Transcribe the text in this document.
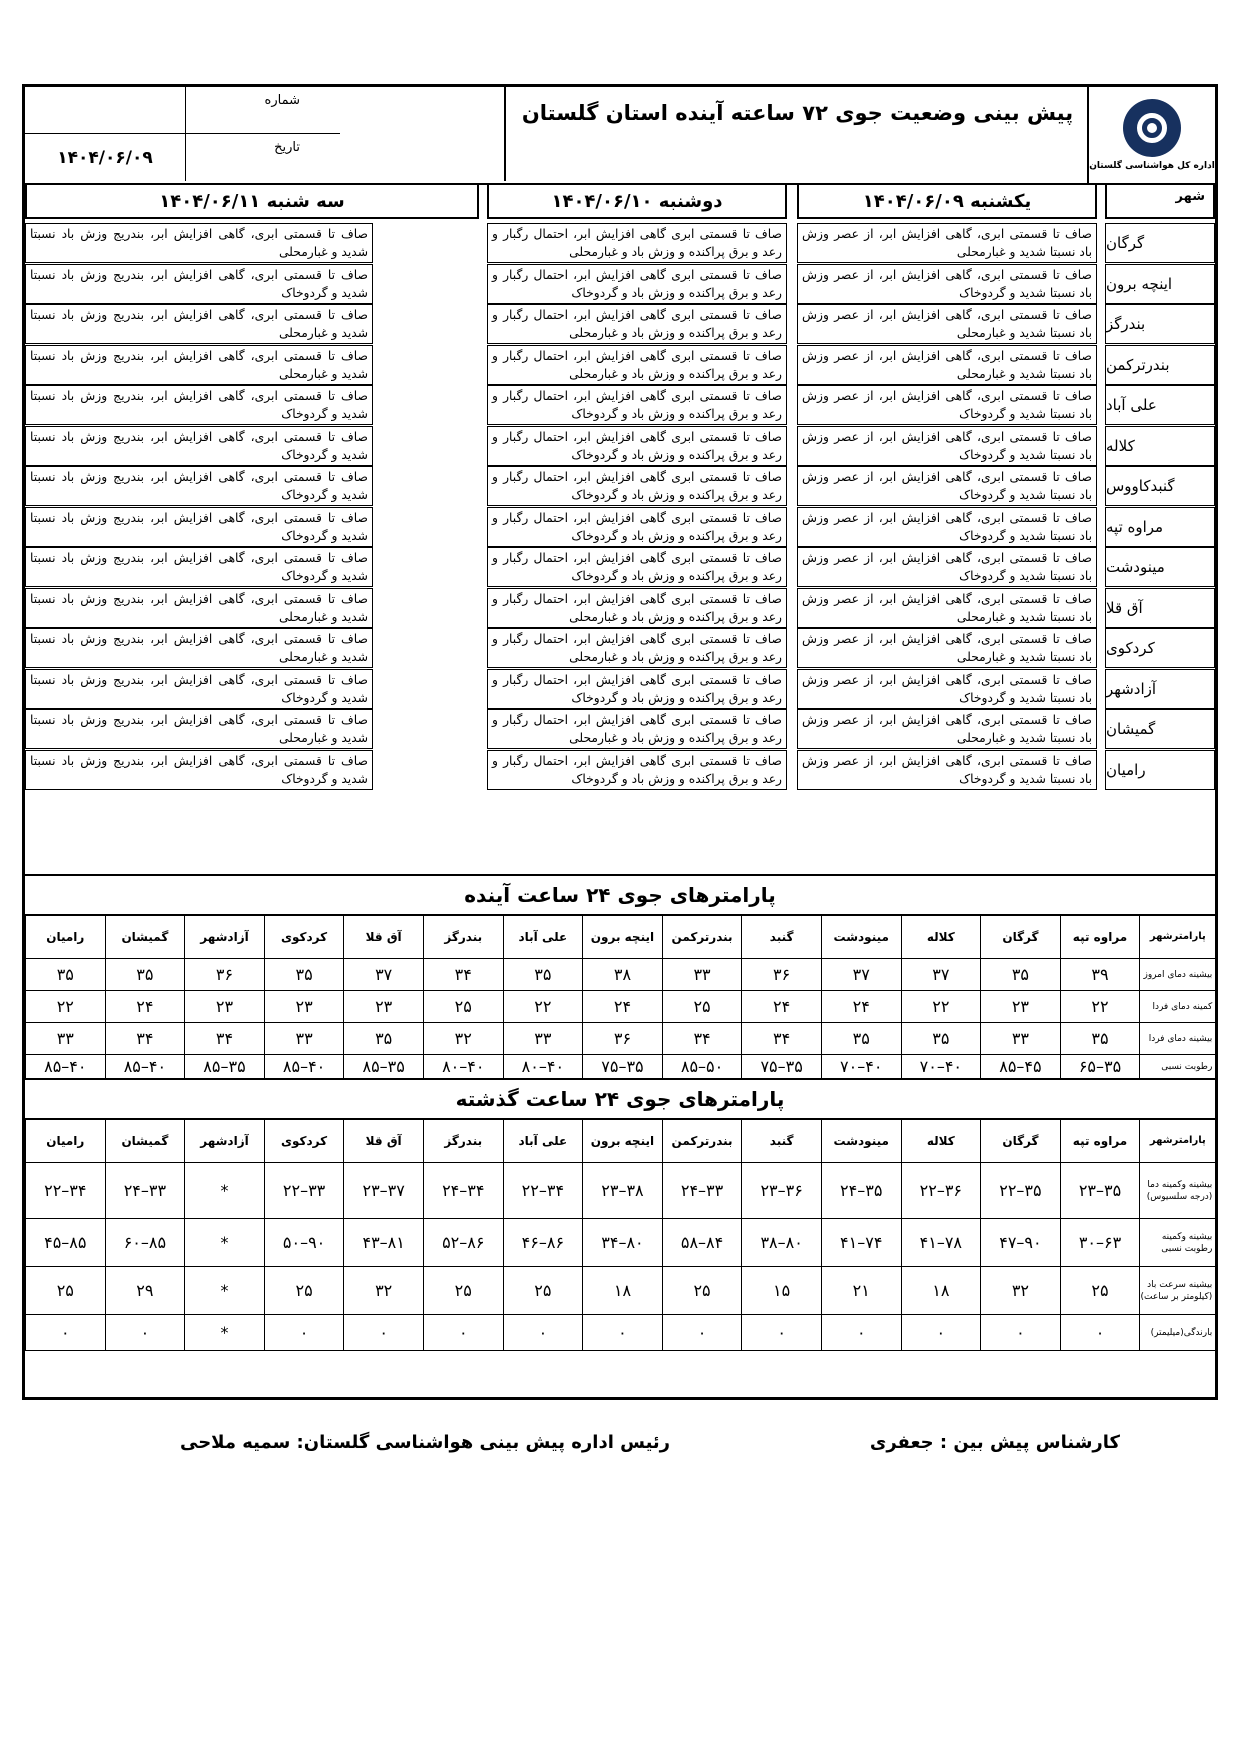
اداره کل هواشناسی گلستان
پیش بینی وضعیت جوی ۷۲ ساعته آینده استان گلستان
شماره
تاریخ
۱۴۰۴/۰۶/۰۹
شهر
یکشنبه ۱۴۰۴/۰۶/۰۹
دوشنبه ۱۴۰۴/۰۶/۱۰
سه شنبه ۱۴۰۴/۰۶/۱۱
گرگان
صاف تا قسمتی ابری، گاهی افزایش ابر، از عصر وزش باد نسبتا شدید و غبارمحلی
صاف تا قسمتی ابری گاهی افزایش ابر، احتمال رگبار و رعد و برق پراکنده و وزش باد و غبارمحلی
صاف تا قسمتی ابری، گاهی افزایش ابر، بندریج وزش باد نسبتا شدید و غبارمحلی
اینچه برون
صاف تا قسمتی ابری، گاهی افزایش ابر، از عصر وزش باد نسبتا شدید و گردوخاک
صاف تا قسمتی ابری گاهی افزایش ابر، احتمال رگبار و رعد و برق پراکنده و وزش باد و گردوخاک
صاف تا قسمتی ابری، گاهی افزایش ابر، بندریج وزش باد نسبتا شدید و گردوخاک
بندرگز
صاف تا قسمتی ابری، گاهی افزایش ابر، از عصر وزش باد نسبتا شدید و غبارمحلی
صاف تا قسمتی ابری گاهی افزایش ابر، احتمال رگبار و رعد و برق پراکنده و وزش باد و غبارمحلی
صاف تا قسمتی ابری، گاهی افزایش ابر، بندریج وزش باد نسبتا شدید و غبارمحلی
بندرترکمن
صاف تا قسمتی ابری، گاهی افزایش ابر، از عصر وزش باد نسبتا شدید و غبارمحلی
صاف تا قسمتی ابری گاهی افزایش ابر، احتمال رگبار و رعد و برق پراکنده و وزش باد و غبارمحلی
صاف تا قسمتی ابری، گاهی افزایش ابر، بندریج وزش باد نسبتا شدید و غبارمحلی
علی آباد
صاف تا قسمتی ابری، گاهی افزایش ابر، از عصر وزش باد نسبتا شدید و گردوخاک
صاف تا قسمتی ابری گاهی افزایش ابر، احتمال رگبار و رعد و برق پراکنده و وزش باد و گردوخاک
صاف تا قسمتی ابری، گاهی افزایش ابر، بندریج وزش باد نسبتا شدید و گردوخاک
کلاله
صاف تا قسمتی ابری، گاهی افزایش ابر، از عصر وزش باد نسبتا شدید و گردوخاک
صاف تا قسمتی ابری گاهی افزایش ابر، احتمال رگبار و رعد و برق پراکنده و وزش باد و گردوخاک
صاف تا قسمتی ابری، گاهی افزایش ابر، بندریج وزش باد نسبتا شدید و گردوخاک
گنبدکاووس
صاف تا قسمتی ابری، گاهی افزایش ابر، از عصر وزش باد نسبتا شدید و گردوخاک
صاف تا قسمتی ابری گاهی افزایش ابر، احتمال رگبار و رعد و برق پراکنده و وزش باد و گردوخاک
صاف تا قسمتی ابری، گاهی افزایش ابر، بندریج وزش باد نسبتا شدید و گردوخاک
مراوه تپه
صاف تا قسمتی ابری، گاهی افزایش ابر، از عصر وزش باد نسبتا شدید و گردوخاک
صاف تا قسمتی ابری گاهی افزایش ابر، احتمال رگبار و رعد و برق پراکنده و وزش باد و گردوخاک
صاف تا قسمتی ابری، گاهی افزایش ابر، بندریج وزش باد نسبتا شدید و گردوخاک
مینودشت
صاف تا قسمتی ابری، گاهی افزایش ابر، از عصر وزش باد نسبتا شدید و گردوخاک
صاف تا قسمتی ابری گاهی افزایش ابر، احتمال رگبار و رعد و برق پراکنده و وزش باد و گردوخاک
صاف تا قسمتی ابری، گاهی افزایش ابر، بندریج وزش باد نسبتا شدید و گردوخاک
آق قلا
صاف تا قسمتی ابری، گاهی افزایش ابر، از عصر وزش باد نسبتا شدید و غبارمحلی
صاف تا قسمتی ابری گاهی افزایش ابر، احتمال رگبار و رعد و برق پراکنده و وزش باد و غبارمحلی
صاف تا قسمتی ابری، گاهی افزایش ابر، بندریج وزش باد نسبتا شدید و غبارمحلی
کردکوی
صاف تا قسمتی ابری، گاهی افزایش ابر، از عصر وزش باد نسبتا شدید و غبارمحلی
صاف تا قسمتی ابری گاهی افزایش ابر، احتمال رگبار و رعد و برق پراکنده و وزش باد و غبارمحلی
صاف تا قسمتی ابری، گاهی افزایش ابر، بندریج وزش باد نسبتا شدید و غبارمحلی
آزادشهر
صاف تا قسمتی ابری، گاهی افزایش ابر، از عصر وزش باد نسبتا شدید و گردوخاک
صاف تا قسمتی ابری گاهی افزایش ابر، احتمال رگبار و رعد و برق پراکنده و وزش باد و گردوخاک
صاف تا قسمتی ابری، گاهی افزایش ابر، بندریج وزش باد نسبتا شدید و گردوخاک
گمیشان
صاف تا قسمتی ابری، گاهی افزایش ابر، از عصر وزش باد نسبتا شدید و غبارمحلی
صاف تا قسمتی ابری گاهی افزایش ابر، احتمال رگبار و رعد و برق پراکنده و وزش باد و غبارمحلی
صاف تا قسمتی ابری، گاهی افزایش ابر، بندریج وزش باد نسبتا شدید و غبارمحلی
رامیان
صاف تا قسمتی ابری، گاهی افزایش ابر، از عصر وزش باد نسبتا شدید و گردوخاک
صاف تا قسمتی ابری گاهی افزایش ابر، احتمال رگبار و رعد و برق پراکنده و وزش باد و گردوخاک
صاف تا قسمتی ابری، گاهی افزایش ابر، بندریج وزش باد نسبتا شدید و گردوخاک
پارامترهای جوی ۲۴ ساعت آینده
پارامترشهر	مراوه تپه	گرگان	کلاله	مینودشت	گنبد	بندرترکمن	اینچه برون	علی آباد	بندرگز	آق قلا	کردکوی	آزادشهر	گمیشان	رامیان
بیشینه دمای امروز	۳۹	۳۵	۳۷	۳۷	۳۶	۳۳	۳۸	۳۵	۳۴	۳۷	۳۵	۳۶	۳۵	۳۵
کمینه دمای فردا	۲۲	۲۳	۲۲	۲۴	۲۴	۲۵	۲۴	۲۲	۲۵	۲۳	۲۳	۲۳	۲۴	۲۲
بیشینه دمای فردا	۳۵	۳۳	۳۵	۳۵	۳۴	۳۴	۳۶	۳۳	۳۲	۳۵	۳۳	۳۴	۳۴	۳۳
رطوبت نسبی	۳۵–۶۵	۴۵–۸۵	۴۰–۷۰	۴۰–۷۰	۳۵–۷۵	۵۰–۸۵	۳۵–۷۵	۴۰–۸۰	۴۰–۸۰	۳۵–۸۵	۴۰–۸۵	۳۵–۸۵	۴۰–۸۵	۴۰–۸۵
پارامترهای جوی ۲۴ ساعت گذشته
پارامترشهر	مراوه تپه	گرگان	کلاله	مینودشت	گنبد	بندرترکمن	اینچه برون	علی آباد	بندرگز	آق قلا	کردکوی	آزادشهر	گمیشان	رامیان
بیشینه وکمینه دما (درجه سلسیوس)	۳۵–۲۳	۳۵–۲۲	۳۶–۲۲	۳۵–۲۴	۳۶–۲۳	۳۳–۲۴	۳۸–۲۳	۳۴–۲۲	۳۴–۲۴	۳۷–۲۳	۳۳–۲۲	*	۳۳–۲۴	۳۴–۲۲
بیشینه وکمینه رطوبت نسبی	۶۳–۳۰	۹۰–۴۷	۷۸–۴۱	۷۴–۴۱	۸۰–۳۸	۸۴–۵۸	۸۰–۳۴	۸۶–۴۶	۸۶–۵۲	۸۱–۴۳	۹۰–۵۰	*	۸۵–۶۰	۸۵–۴۵
بیشینه سرعت باد (کیلومتر بر ساعت)	۲۵	۳۲	۱۸	۲۱	۱۵	۲۵	۱۸	۲۵	۲۵	۳۲	۲۵	*	۲۹	۲۵
بارندگی(میلیمتر)	۰	۰	۰	۰	۰	۰	۰	۰	۰	۰	۰	*	۰	۰
کارشناس پیش بین : جعفری
رئیس اداره پیش بینی هواشناسی گلستان: سمیه ملاحی
